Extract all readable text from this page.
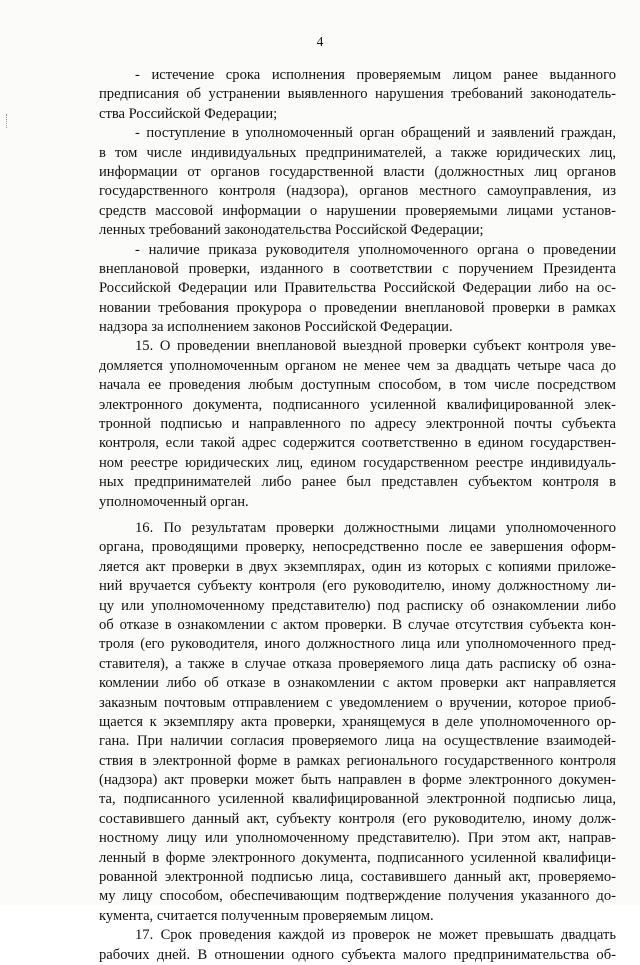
4
- истечение срока исполнения проверяемым лицом ранее выданного
предписания об устранении выявленного нарушения требований законодатель-
ства Российской Федерации;
- поступление в уполномоченный орган обращений и заявлений граждан,
в том числе индивидуальных предпринимателей, а также юридических лиц,
информации от органов государственной власти (должностных лиц органов
государственного контроля (надзора), органов местного самоуправления, из
средств массовой информации о нарушении проверяемыми лицами установ-
ленных требований законодательства Российской Федерации;
- наличие приказа руководителя уполномоченного органа о проведении
внеплановой проверки, изданного в соответствии с поручением Президента
Российской Федерации или Правительства Российской Федерации либо на ос-
новании требования прокурора о проведении внеплановой проверки в рамках
надзора за исполнением законов Российской Федерации.
15. О проведении внеплановой выездной проверки субъект контроля уве-
домляется уполномоченным органом не менее чем за двадцать четыре часа до
начала ее проведения любым доступным способом, в том числе посредством
электронного документа, подписанного усиленной квалифицированной элек-
тронной подписью и направленного по адресу электронной почты субъекта
контроля, если такой адрес содержится соответственно в едином государствен-
ном реестре юридических лиц, едином государственном реестре индивидуаль-
ных предпринимателей либо ранее был представлен субъектом контроля в
уполномоченный орган.
16. По результатам проверки должностными лицами уполномоченного
органа, проводящими проверку, непосредственно после ее завершения оформ-
ляется акт проверки в двух экземплярах, один из которых с копиями приложе-
ний вручается субъекту контроля (его руководителю, иному должностному ли-
цу или уполномоченному представителю) под расписку об ознакомлении либо
об отказе в ознакомлении с актом проверки. В случае отсутствия субъекта кон-
троля (его руководителя, иного должностного лица или уполномоченного пред-
ставителя), а также в случае отказа проверяемого лица дать расписку об озна-
комлении либо об отказе в ознакомлении с актом проверки акт направляется
заказным почтовым отправлением с уведомлением о вручении, которое приоб-
щается к экземпляру акта проверки, хранящемуся в деле уполномоченного ор-
гана. При наличии согласия проверяемого лица на осуществление взаимодей-
ствия в электронной форме в рамках регионального государственного контроля
(надзора) акт проверки может быть направлен в форме электронного докумен-
та, подписанного усиленной квалифицированной электронной подписью лица,
составившего данный акт, субъекту контроля (его руководителю, иному долж-
ностному лицу или уполномоченному представителю). При этом акт, направ-
ленный в форме электронного документа, подписанного усиленной квалифици-
рованной электронной подписью лица, составившего данный акт, проверяемо-
му лицу способом, обеспечивающим подтверждение получения указанного до-
кумента, считается полученным проверяемым лицом.
17. Срок проведения каждой из проверок не может превышать двадцать
рабочих дней. В отношении одного субъекта малого предпринимательства об-
